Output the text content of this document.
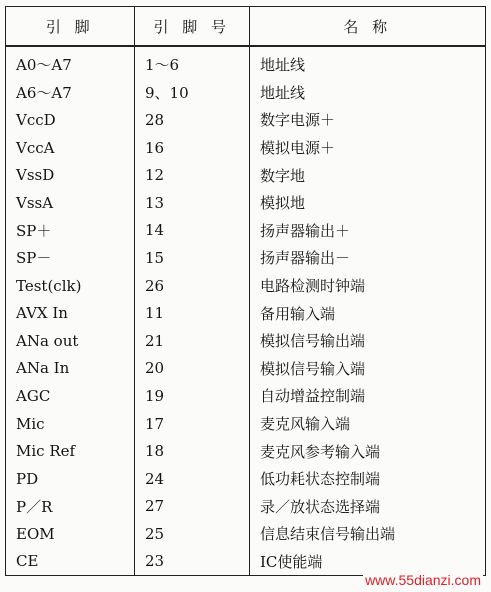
引 脚	引 脚 号	名 称
A0～A7	1～6	地址线
A6～A7	9、10	地址线
VccD	28	数字电源＋
VccA	16	模拟电源＋
VssD	12	数字地
VssA	13	模拟地
SP＋	14	扬声器输出＋
SP－	15	扬声器输出－
Test(clk)	26	电路检测时钟端
AVX In	11	备用输入端
ANa out	21	模拟信号输出端
ANa In	20	模拟信号输入端
AGC	19	自动增益控制端
Mic	17	麦克风输入端
Mic Ref	18	麦克风参考输入端
PD	24	低功耗状态控制端
P／R	27	录／放状态选择端
EOM	25	信息结束信号输出端
CE	23	IC使能端
www.55dianzi.com
